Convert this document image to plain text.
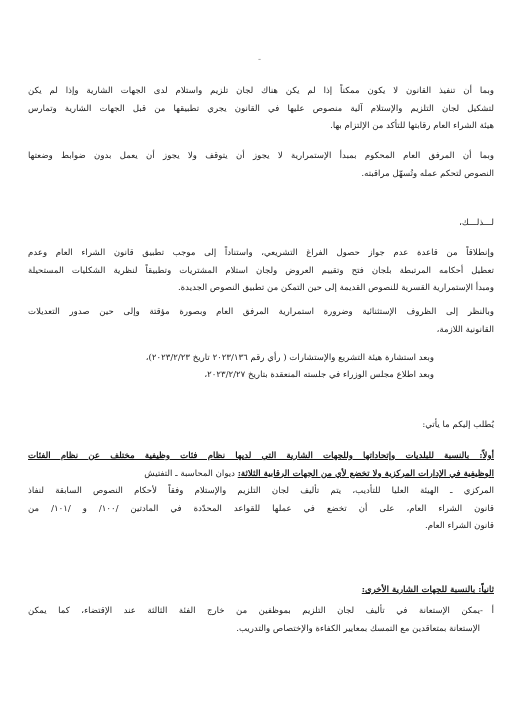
-
وبما أن تنفيذ القانون لا يكون ممكناً إذا لم يكن هناك لجان تلزيم واستلام لدى الجهات الشارية وإذا لم يكن
لتشكيل لجان التلزيم والإستلام آلية منصوص عليها في القانون يجري تطبيقها من قبل الجهات الشارية وتمارس
هيئة الشراء العام رقابتها للتأكد من الإلتزام بها.
وبما أن المرفق العام المحكوم بمبدأ الإستمرارية لا يجوز أن يتوقف ولا يجوز أن يعمل بدون ضوابط وضعتها
النصوص لتحكم عمله وتُسهّل مراقبته.
لـــذلـــك،
وإنطلاقاً من قاعدة عدم جواز حصول الفراغ التشريعي، واستناداً إلى موجب تطبيق قانون الشراء العام وعدم
تعطيل أحكامه المرتبطة بلجان فتح وتقييم العروض ولجان استلام المشتريات وتطبيقاً لنظرية الشكليات المستحيلة
ومبدأ الإستمرارية القسرية للنصوص القديمة إلى حين التمكن من تطبيق النصوص الجديدة.
وبالنظر إلى الظروف الإستثنائية وضرورة استمرارية المرفق العام وبصورة مؤقتة وإلى حين صدور التعديلات
القانونية اللازمة،
وبعد استشارة هيئة التشريع والإستشارات ( رأي رقم ٢٠٢٣/١٣٦ تاريخ ٢٠٢٣/٢/٢٣)،
وبعد اطلاع مجلس الوزراء في جلسته المنعقدة بتاريخ ٢٠٢٣/٢/٢٧،
يُطلب إليكم ما يأتي:
أولاً: بالنسبة للبلديات وإتحاداتها وللجهات الشارية التي لديها نظام فئات وظيفية مختلف عن نظام الفئات
الوظيفية في الإدارات المركزية ولا تخضع لأي من الجهات الرقابية الثلاثة: ديوان المحاسبة ـ التفتيش
المركزي ـ الهيئة العليا للتأديب، يتم تأليف لجان التلزيم والإستلام وفقاً لأحكام النصوص السابقة لنفاذ
قانون الشراء العام، على أن تخضع في عملها للقواعد المحدّدة في المادتين /١٠٠/ و /١٠١/ من
قانون الشراء العام.
ثانياً: بالنسبة للجهات الشارية الأخرى:
أ -يمكن الإستعانة في تأليف لجان التلزيم بموظفين من خارج الفئة الثالثة عند الإقتضاء، كما يمكن
الإستعانة بمتعاقدين مع التمسك بمعايير الكفاءة والإختصاص والتدريب.
